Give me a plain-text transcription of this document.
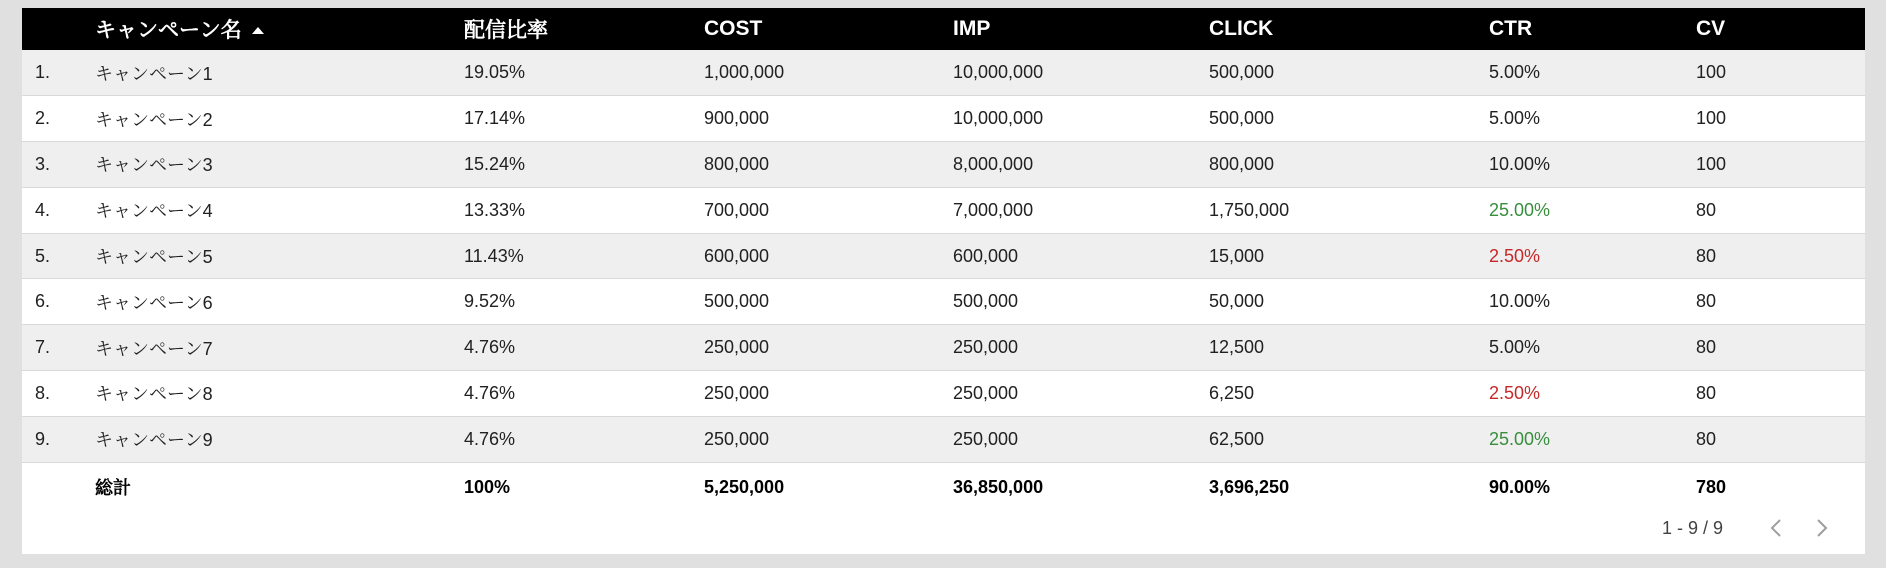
	キャンペーン名	配信比率	COST	IMP	CLICK	CTR	CV
1.	キャンペーン1	19.05%	1,000,000	10,000,000	500,000	5.00%	100
2.	キャンペーン2	17.14%	900,000	10,000,000	500,000	5.00%	100
3.	キャンペーン3	15.24%	800,000	8,000,000	800,000	10.00%	100
4.	キャンペーン4	13.33%	700,000	7,000,000	1,750,000	25.00%	80
5.	キャンペーン5	11.43%	600,000	600,000	15,000	2.50%	80
6.	キャンペーン6	9.52%	500,000	500,000	50,000	10.00%	80
7.	キャンペーン7	4.76%	250,000	250,000	12,500	5.00%	80
8.	キャンペーン8	4.76%	250,000	250,000	6,250	2.50%	80
9.	キャンペーン9	4.76%	250,000	250,000	62,500	25.00%	80
	総計	100%	5,250,000	36,850,000	3,696,250	90.00%	780
1 - 9 / 9
